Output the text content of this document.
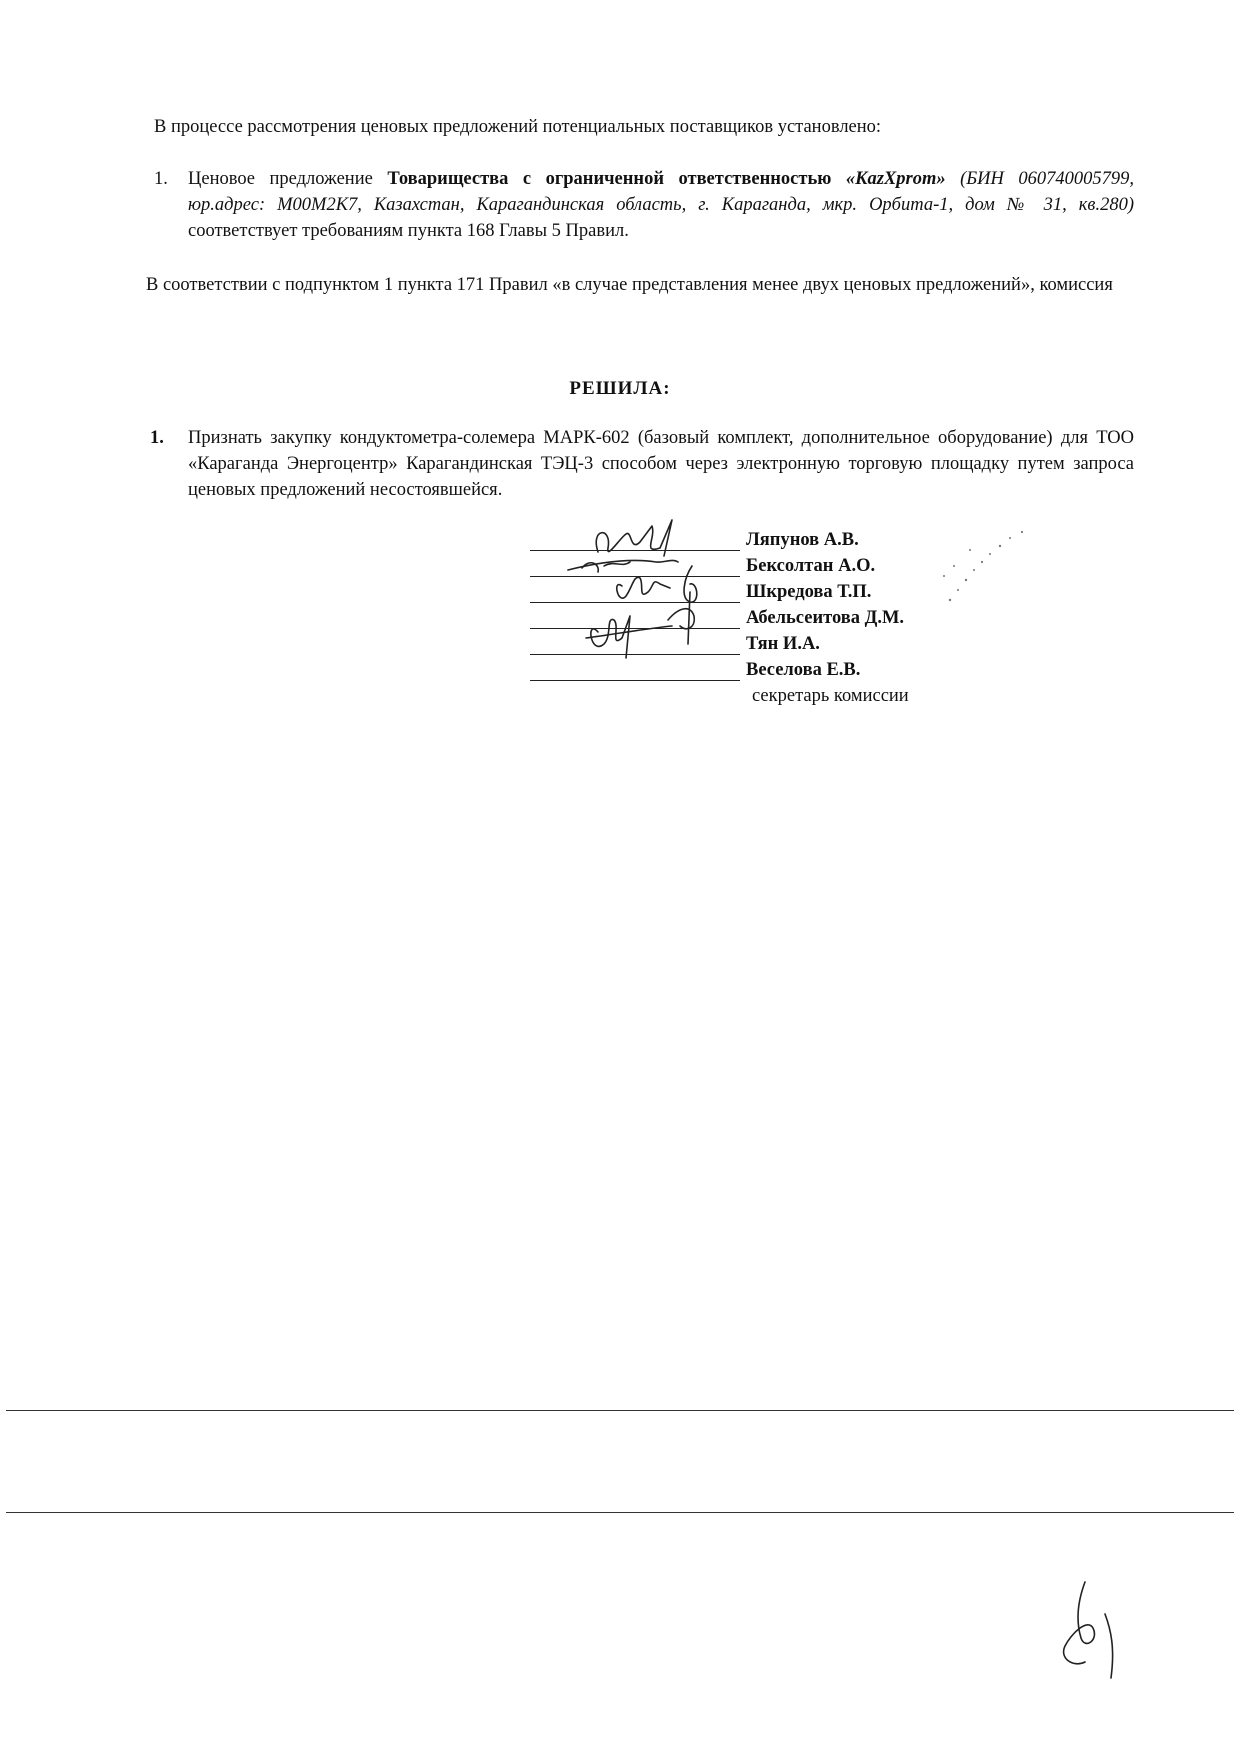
В процессе рассмотрения ценовых предложений потенциальных поставщиков установлено:
1. Ценовое предложение Товарищества с ограниченной ответственностью «KazXprom» (БИН 060740005799, юр.адрес: М00М2К7, Казахстан, Карагандинская область, г. Караганда, мкр. Орбита-1, дом № 31, кв.280) соответствует требованиям пункта 168 Главы 5 Правил.
В соответствии с подпунктом 1 пункта 171 Правил «в случае представления менее двух ценовых предложений», комиссия
РЕШИЛА:
1. Признать закупку кондуктометра-солемера МАРК-602 (базовый комплект, дополнительное оборудование) для ТОО «Караганда Энергоцентр» Карагандинская ТЭЦ-3 способом через электронную торговую площадку путем запроса ценовых предложений несостоявшейся.
Ляпунов А.В.
Бексолтан А.О.
Шкредова Т.П.
Абельсеитова Д.М.
Тян И.А.
Веселова Е.В.
секретарь комиссии
